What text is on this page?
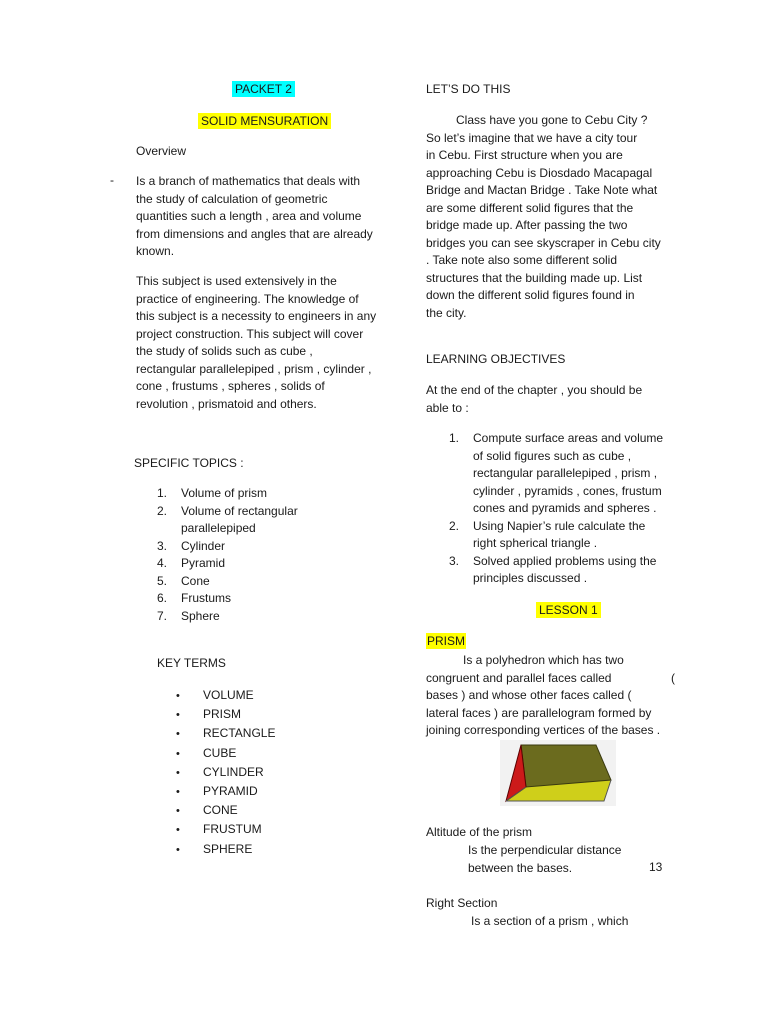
PACKET 2
SOLID MENSURATION
Overview
- Is a branch of mathematics that deals with
the study of calculation of geometric
quantities such a length , area and volume
from dimensions and angles that are already
known.
This subject is used extensively in the
practice of engineering. The knowledge of
this subject is a necessity to engineers in any
project construction. This subject will cover
the study of solids such as cube ,
rectangular parallelepiped , prism , cylinder ,
cone , frustums , spheres , solids of
revolution , prismatoid and others.
SPECIFIC TOPICS :
1.	Volume of prism
2.	Volume of rectangular
parallelepiped
3.	Cylinder
4.	Pyramid
5.	Cone
6.	Frustums
7.	Sphere
KEY TERMS
• VOLUME
• PRISM
• RECTANGLE
• CUBE
• CYLINDER
• PYRAMID
• CONE
• FRUSTUM
• SPHERE
LET’S DO THIS
Class have you gone to Cebu City ?
So let’s imagine that we have a city tour
in Cebu. First structure when you are
approaching Cebu is Diosdado Macapagal
Bridge and Mactan Bridge . Take Note what
are some different solid figures that the
bridge made up. After passing the two
bridges you can see skyscraper in Cebu city
. Take note also some different solid
structures that the building made up. List
down the different solid figures found in
the city.
LEARNING OBJECTIVES
At the end of the chapter , you should be
able to :
1.	Compute surface areas and volume
of solid figures such as cube ,
rectangular parallelepiped , prism ,
cylinder , pyramids , cones, frustum
cones and pyramids and spheres .
2.	Using Napier’s rule calculate the
right spherical triangle .
3.	Solved applied problems using the
principles discussed .
LESSON 1
PRISM
Is a polyhedron which has two
congruent and parallel faces called	(
bases ) and whose other faces called (
lateral faces ) are parallelogram formed by
joining corresponding vertices of the bases .
Altitude of the prism
Is the perpendicular distance
between the bases.	13
Right Section
Is a section of a prism , which
